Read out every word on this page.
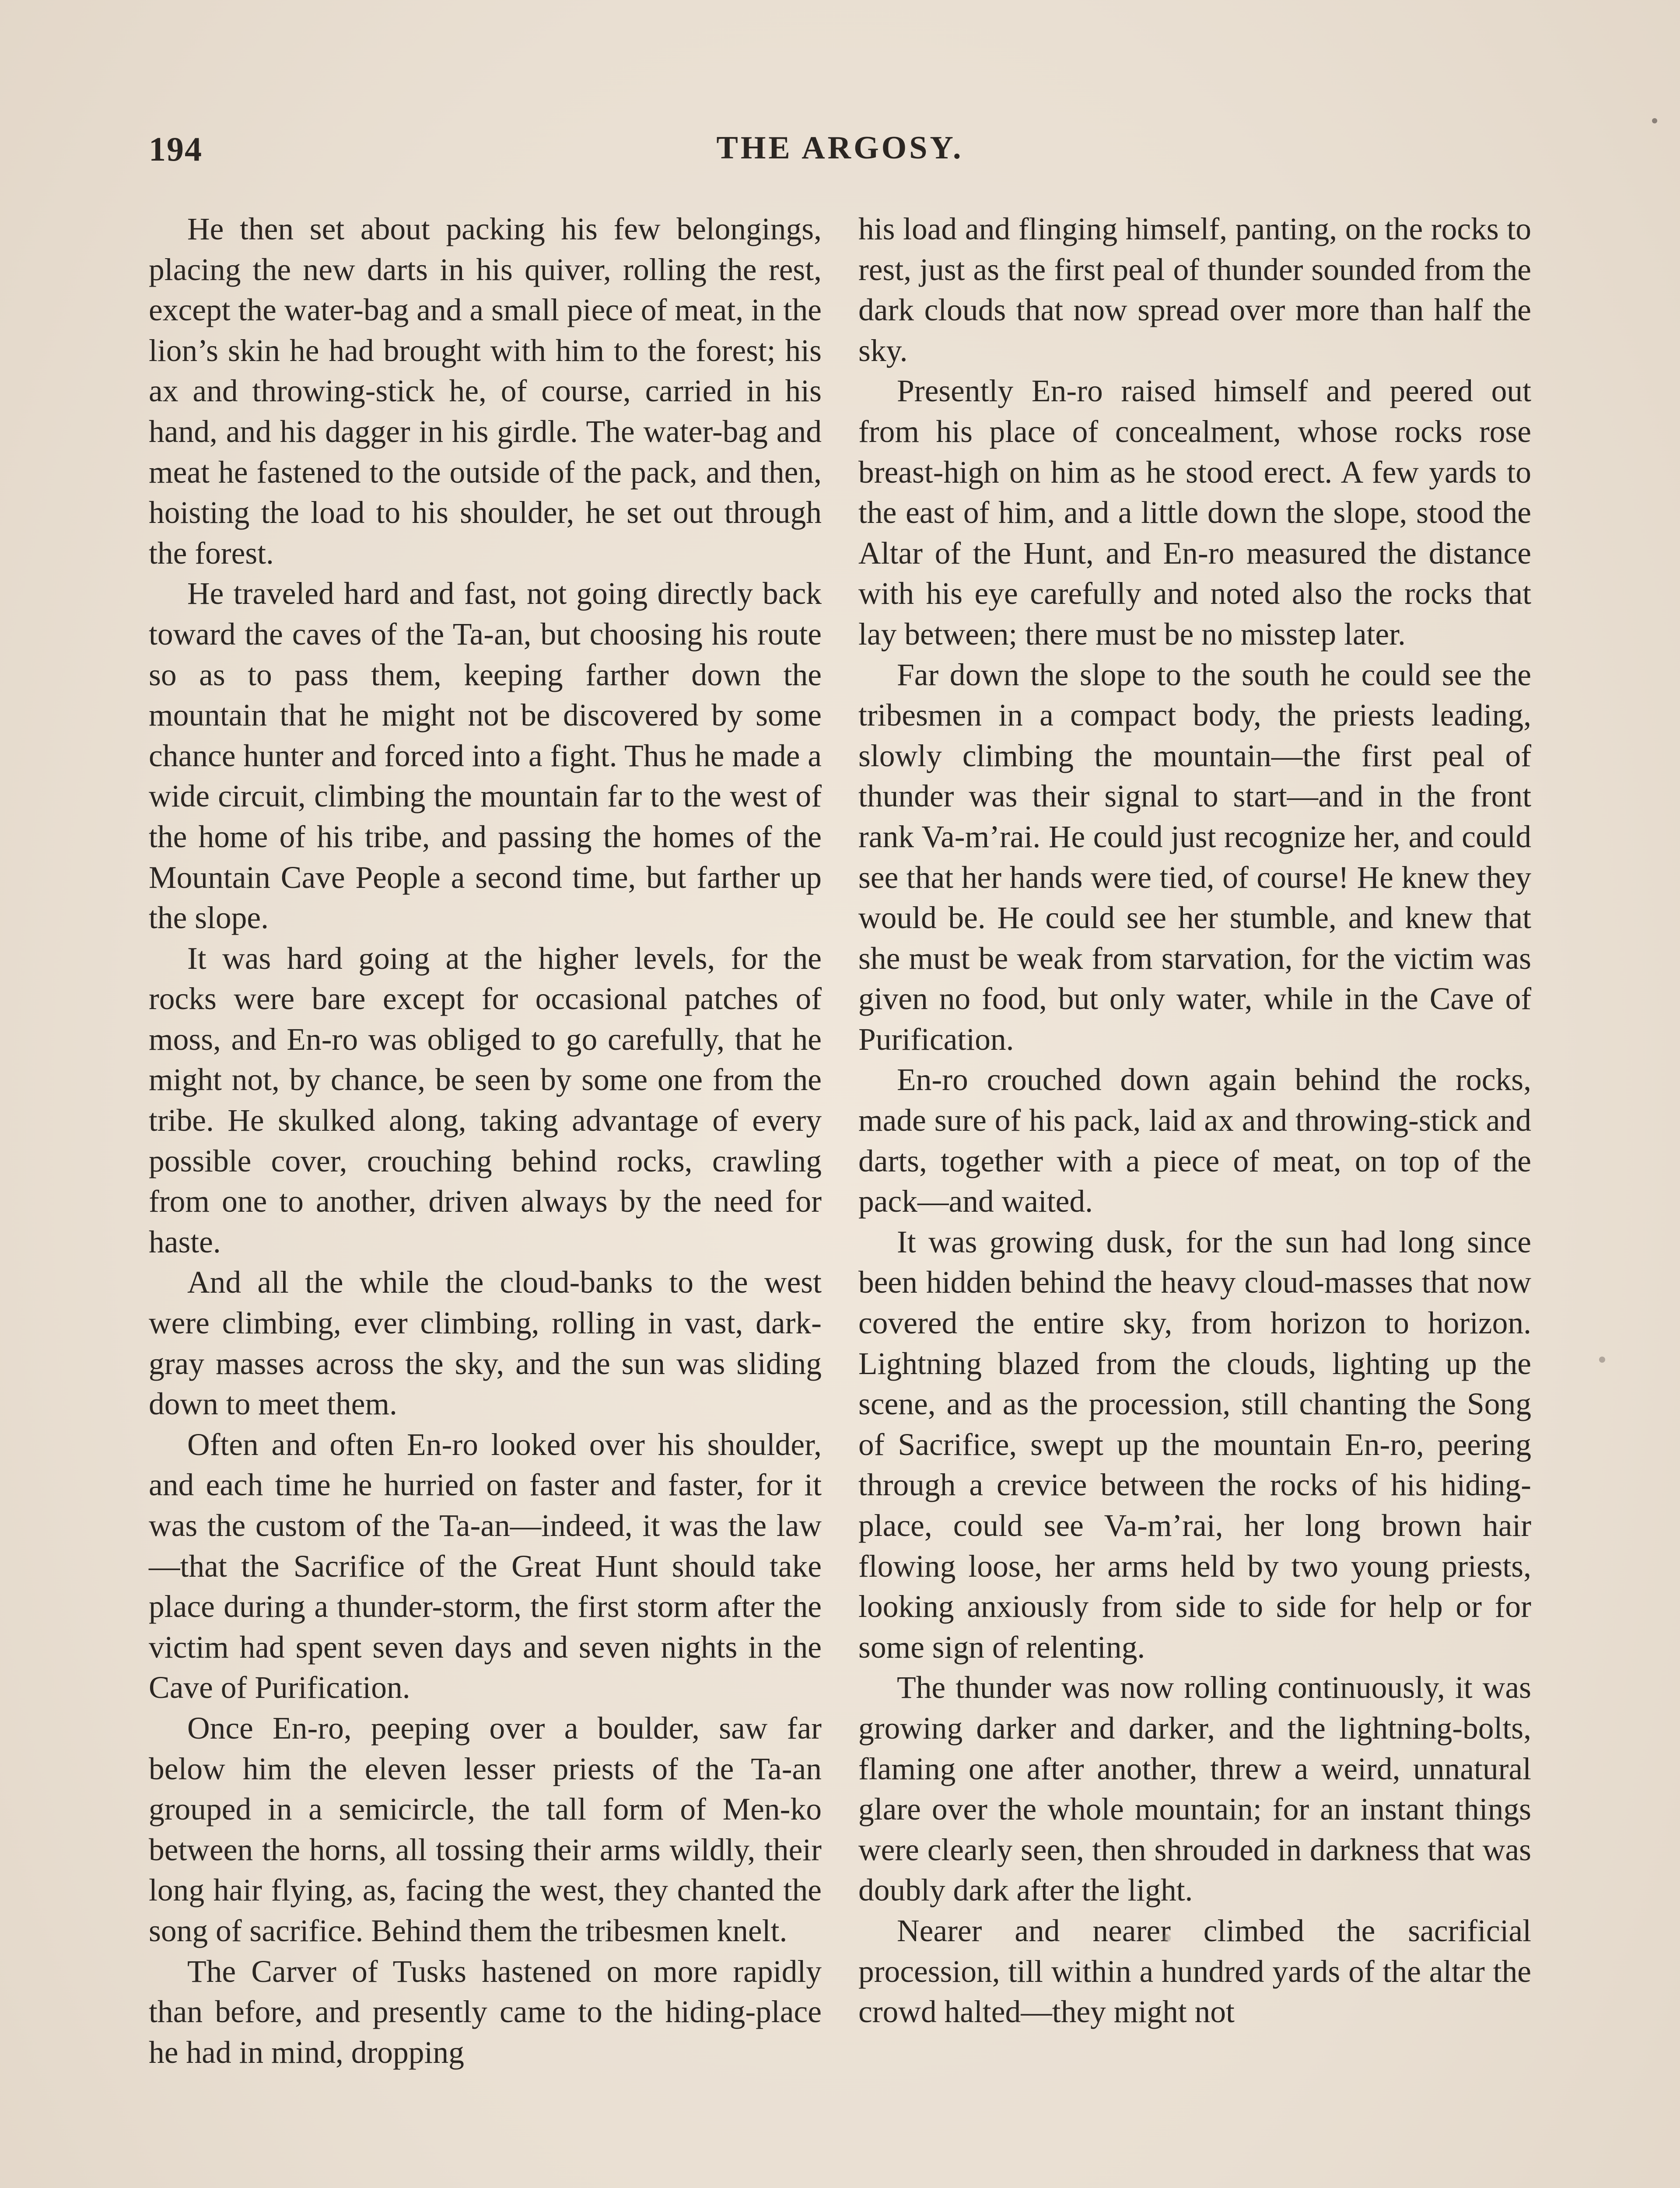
194	THE ARGOSY.

He then set about packing his few belongings, placing the new darts in his quiver, rolling the rest, except the water-bag and a small piece of meat, in the lion’s skin he had brought with him to the forest; his ax and throwing-stick he, of course, carried in his hand, and his dagger in his girdle. The water-bag and meat he fastened to the outside of the pack, and then, hoisting the load to his shoulder, he set out through the forest.

He traveled hard and fast, not going directly back toward the caves of the Ta-an, but choosing his route so as to pass them, keeping farther down the mountain that he might not be discovered by some chance hunter and forced into a fight. Thus he made a wide circuit, climbing the mountain far to the west of the home of his tribe, and passing the homes of the Mountain Cave People a second time, but farther up the slope.

It was hard going at the higher levels, for the rocks were bare except for occasional patches of moss, and En-ro was obliged to go carefully, that he might not, by chance, be seen by some one from the tribe. He skulked along, taking advantage of every possible cover, crouching behind rocks, crawling from one to another, driven always by the need for haste.

And all the while the cloud-banks to the west were climbing, ever climbing, rolling in vast, dark-gray masses across the sky, and the sun was sliding down to meet them.

Often and often En-ro looked over his shoulder, and each time he hurried on faster and faster, for it was the custom of the Ta-an—indeed, it was the law—that the Sacrifice of the Great Hunt should take place during a thunder-storm, the first storm after the victim had spent seven days and seven nights in the Cave of Purification.

Once En-ro, peeping over a boulder, saw far below him the eleven lesser priests of the Ta-an grouped in a semicircle, the tall form of Men-ko between the horns, all tossing their arms wildly, their long hair flying, as, facing the west, they chanted the song of sacrifice. Behind them the tribesmen knelt.

The Carver of Tusks hastened on more rapidly than before, and presently came to the hiding-place he had in mind, dropping

his load and flinging himself, panting, on the rocks to rest, just as the first peal of thunder sounded from the dark clouds that now spread over more than half the sky.

Presently En-ro raised himself and peered out from his place of concealment, whose rocks rose breast-high on him as he stood erect. A few yards to the east of him, and a little down the slope, stood the Altar of the Hunt, and En-ro measured the distance with his eye carefully and noted also the rocks that lay between; there must be no misstep later.

Far down the slope to the south he could see the tribesmen in a compact body, the priests leading, slowly climbing the mountain—the first peal of thunder was their signal to start—and in the front rank Va-m’rai. He could just recognize her, and could see that her hands were tied, of course! He knew they would be. He could see her stumble, and knew that she must be weak from starvation, for the victim was given no food, but only water, while in the Cave of Purification.

En-ro crouched down again behind the rocks, made sure of his pack, laid ax and throwing-stick and darts, together with a piece of meat, on top of the pack—and waited.

It was growing dusk, for the sun had long since been hidden behind the heavy cloud-masses that now covered the entire sky, from horizon to horizon. Lightning blazed from the clouds, lighting up the scene, and as the procession, still chanting the Song of Sacrifice, swept up the mountain En-ro, peering through a crevice between the rocks of his hiding-place, could see Va-m’rai, her long brown hair flowing loose, her arms held by two young priests, looking anxiously from side to side for help or for some sign of relenting.

The thunder was now rolling continuously, it was growing darker and darker, and the lightning-bolts, flaming one after another, threw a weird, unnatural glare over the whole mountain; for an instant things were clearly seen, then shrouded in darkness that was doubly dark after the light.

Nearer and nearer climbed the sacrificial procession, till within a hundred yards of the altar the crowd halted—they might not
